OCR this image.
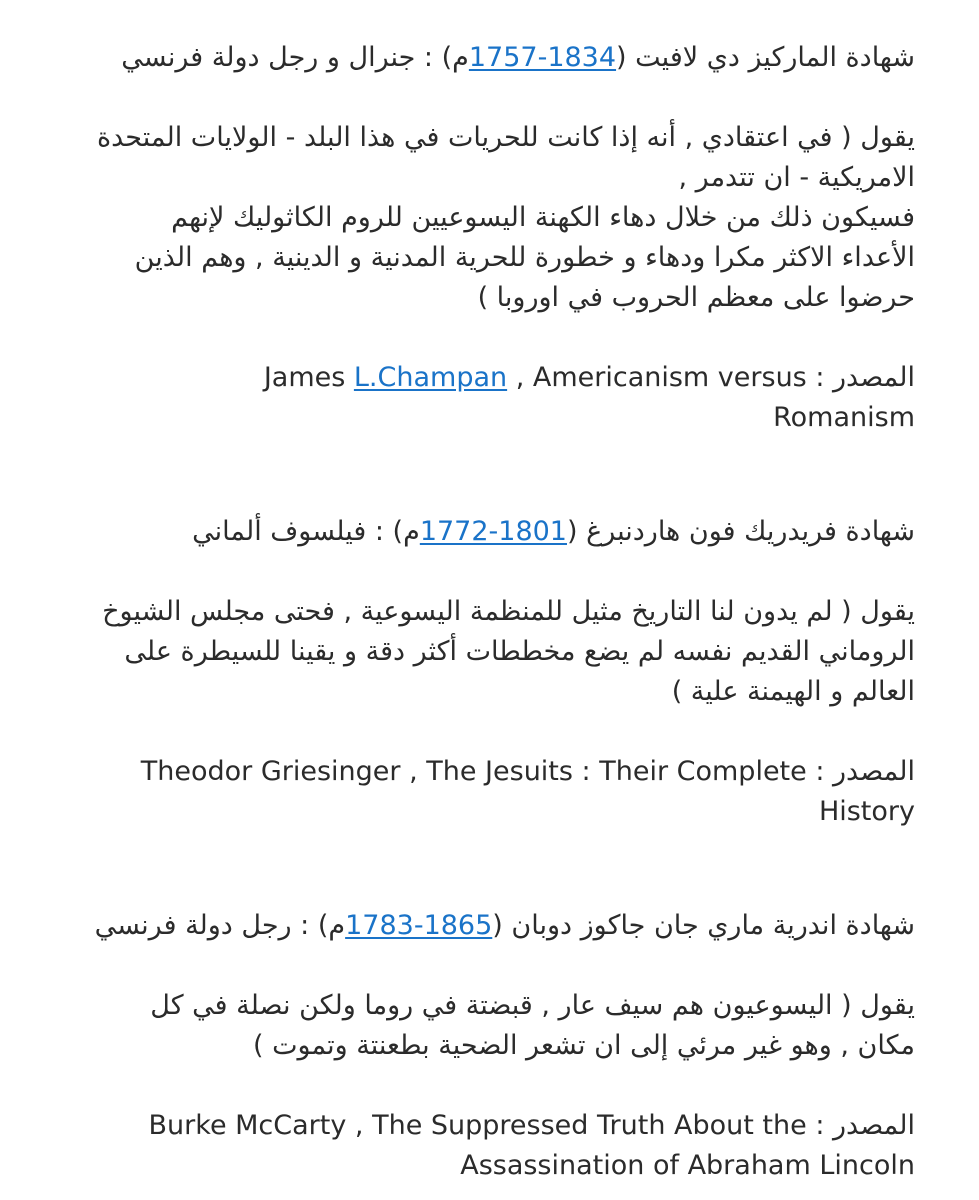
شهادة الماركيز دي لافيت (1757-1834م) : جنرال و رجل دولة فرنسي
يقول ( في اعتقادي , أنه إذا كانت للحريات في هذا البلد - الولايات المتحدة
الامريكية - ان تتدمر ,
فسيكون ذلك من خلال دهاء الكهنة اليسوعيين للروم الكاثوليك لإنهم
الأعداء الاكثر مكرا ودهاء و خطورة للحرية المدنية و الدينية , وهم الذين
حرضوا على معظم الحروب في اوروبا )
المصدر : James L.Champan , Americanism versus
Romanism
شهادة فريدريك فون هاردنبرغ (1772-1801م) : فيلسوف ألماني
يقول ( لم يدون لنا التاريخ مثيل للمنظمة اليسوعية , فحتى مجلس الشيوخ
الروماني القديم نفسه لم يضع مخططات أكثر دقة و يقينا للسيطرة على
العالم و الهيمنة علية )
المصدر : Theodor Griesinger , The Jesuits : Their Complete
History
شهادة اندرية ماري جان جاكوز دوبان (1783-1865م) : رجل دولة فرنسي
يقول ( اليسوعيون هم سيف عار , قبضتة في روما ولكن نصلة في كل
مكان , وهو غير مرئي إلى ان تشعر الضحية بطعنتة وتموت )
المصدر : Burke McCarty , The Suppressed Truth About the
Assassination of Abraham Lincoln
